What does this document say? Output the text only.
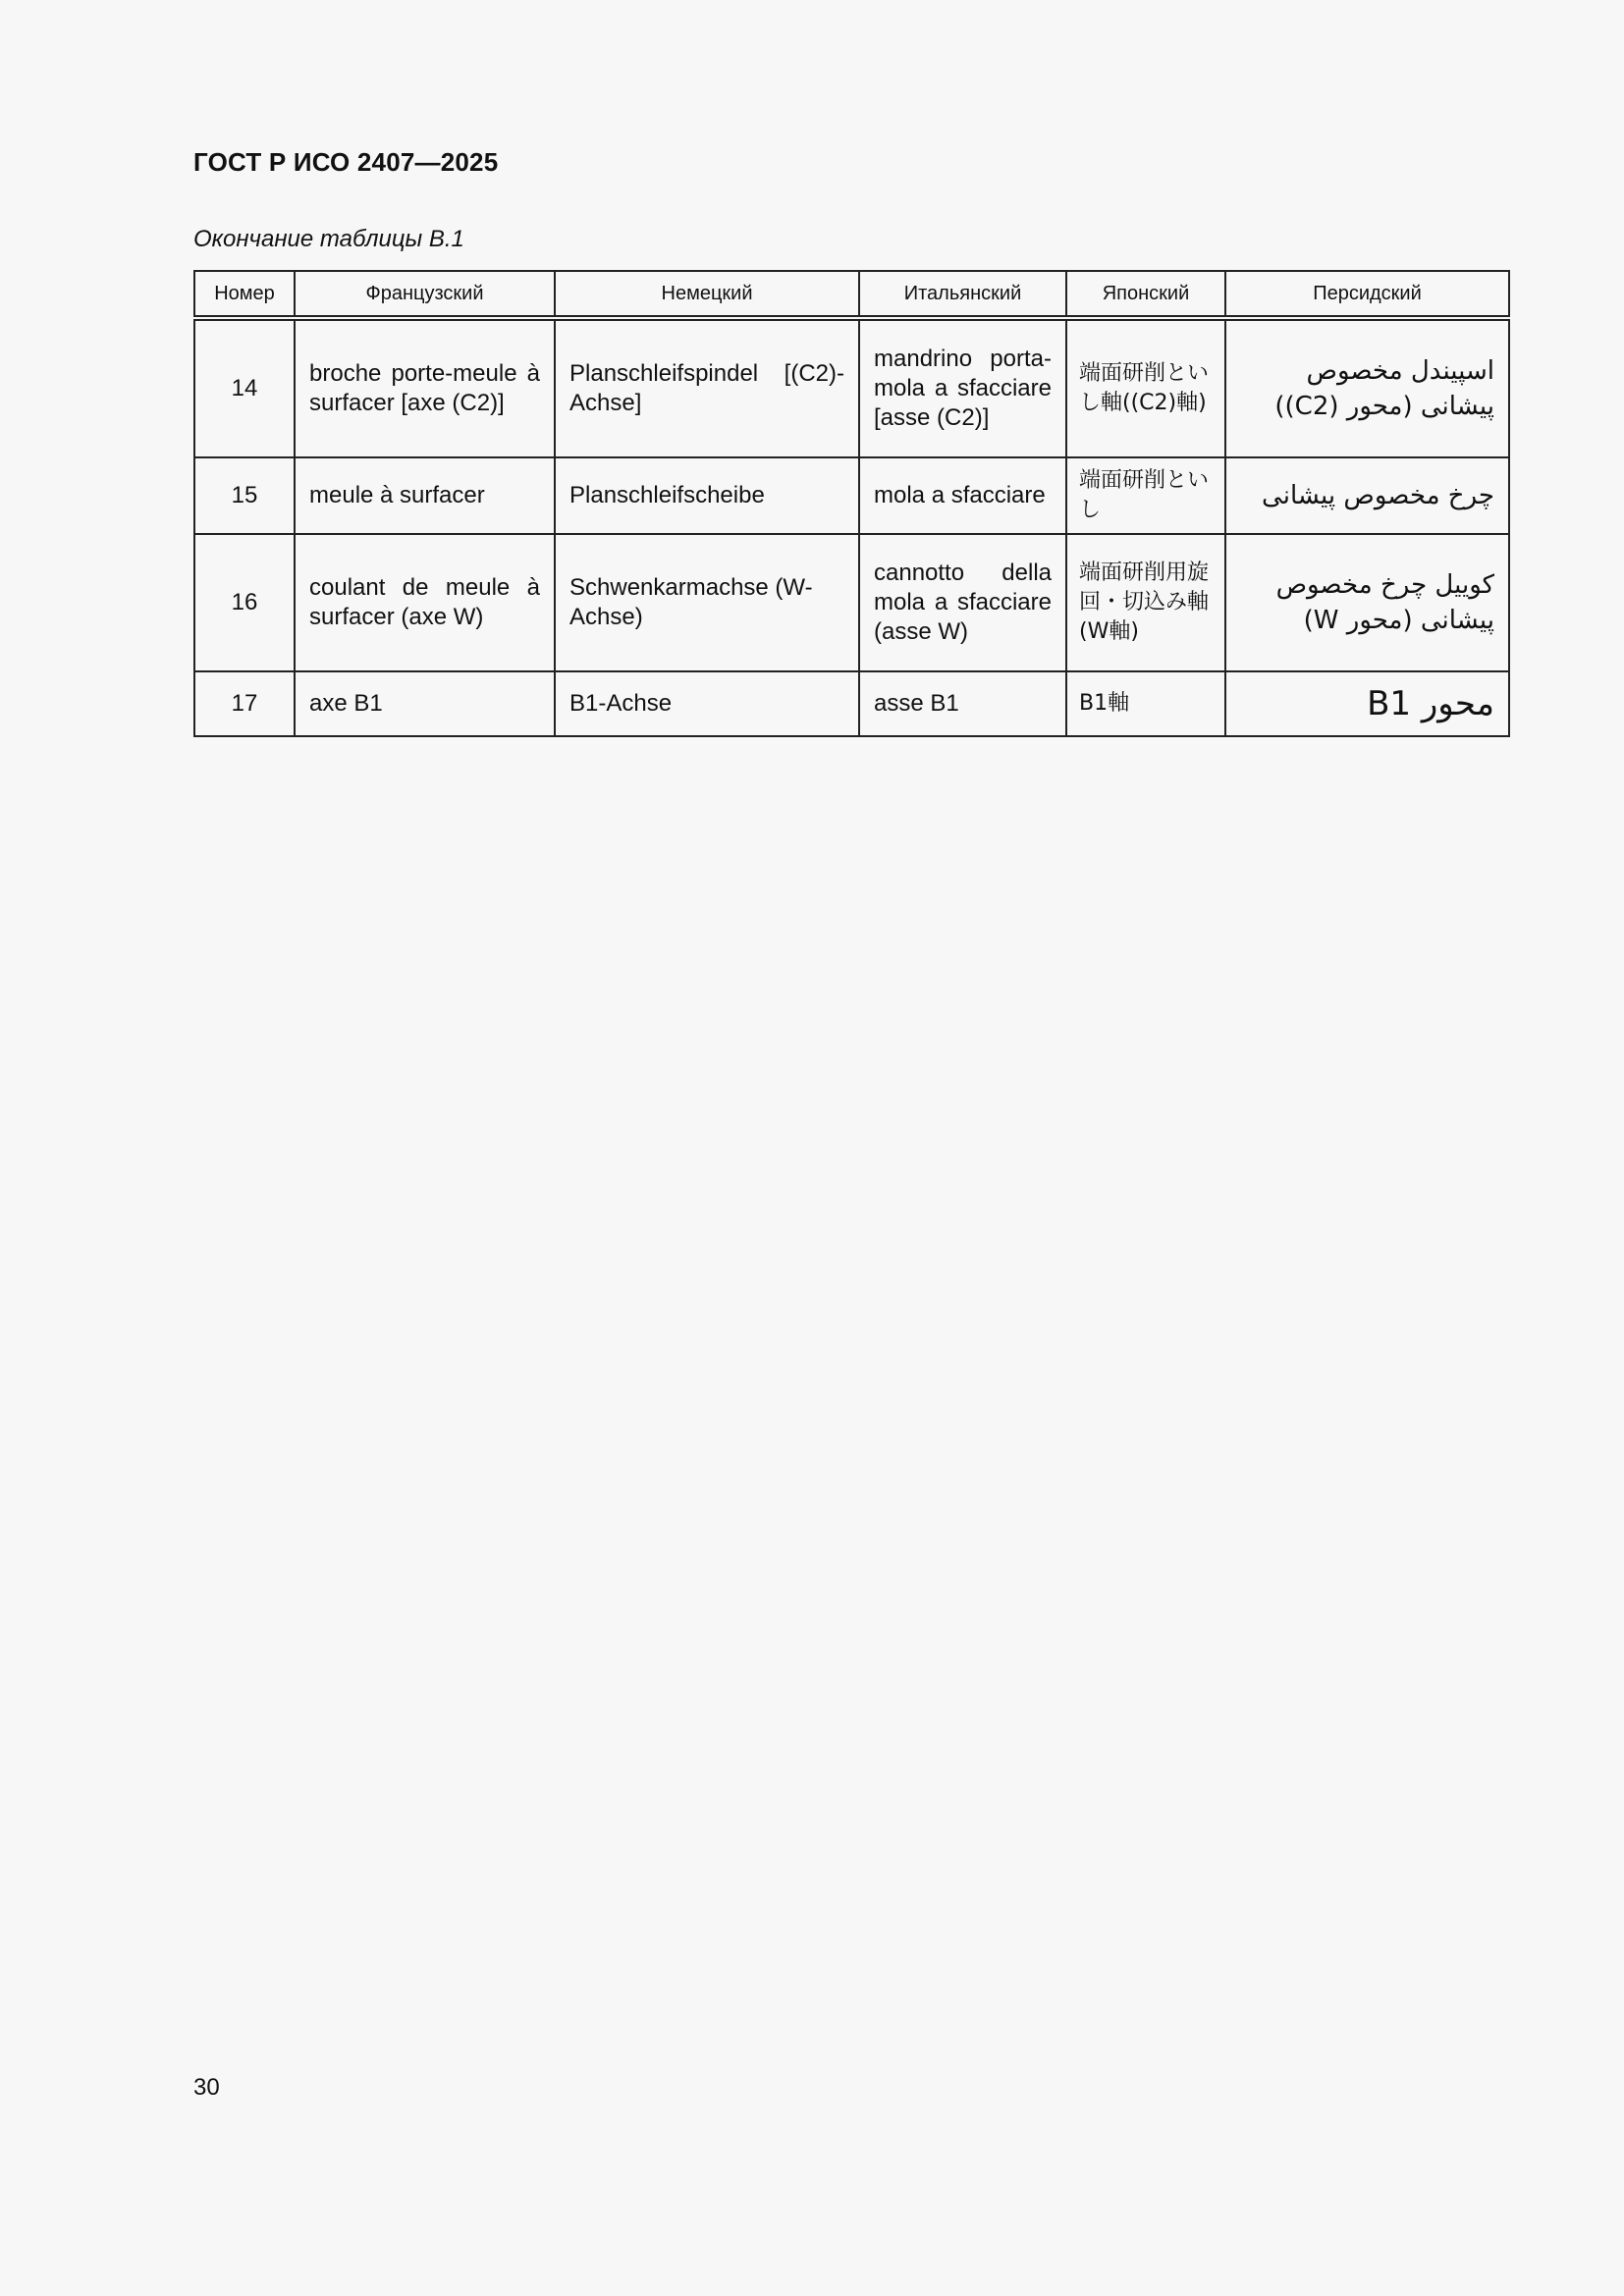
ГОСТ Р ИСО 2407—2025
Окончание таблицы В.1
Номер	Французский	Немецкий	Итальянский	Японский	Персидский
14	broche porte-meule à surfacer [axe (C2)]	Planschleifspindel [(C2)-Achse]	mandrino porta-mola a sfacciare [asse (C2)]	端面研削といし軸((C2)軸)	اسپیندل مخصوص پیشانی (محور (C2))
15	meule à surfacer	Planschleifscheibe	mola a sfacciare	端面研削といし	چرخ مخصوص پیشانی
16	coulant de meule à surfacer (axe W)	Schwenkarmachse (W-Achse)	cannotto della mola a sfacciare (asse W)	端面研削用旋回・切込み軸(W軸)	کوییل چرخ مخصوص پیشانی (محور W)
17	axe B1	B1-Achse	asse B1	B1軸	محور B1
30
